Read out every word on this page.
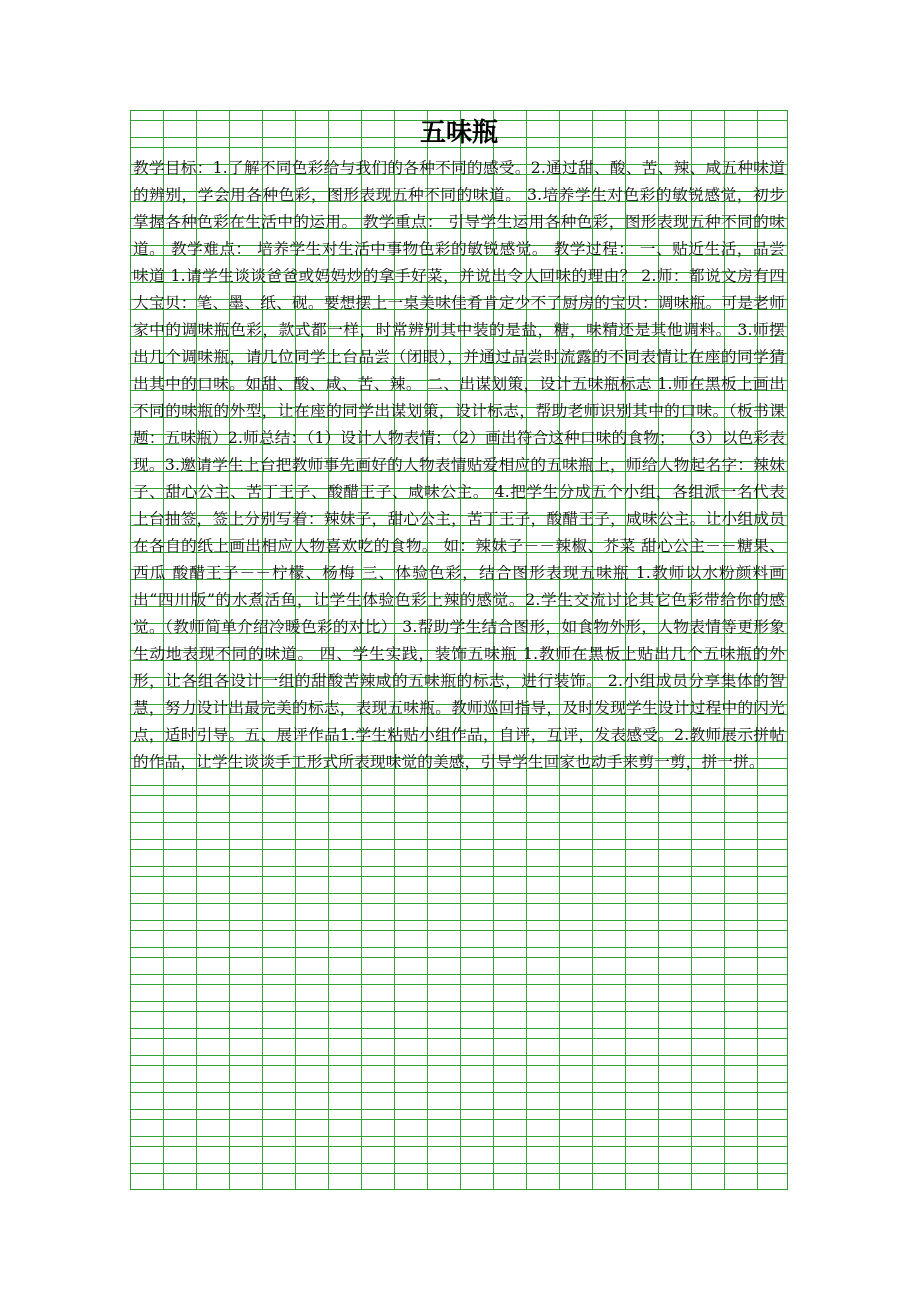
五味瓶

教学目标：1.了解不同色彩给与我们的各种不同的感受。2.通过甜、酸、苦、辣、咸五种味道的辨别，学会用各种色彩，图形表现五种不同的味道。 3.培养学生对色彩的敏锐感觉，初步掌握各种色彩在生活中的运用。 教学重点： 引导学生运用各种色彩，图形表现五种不同的味道。 教学难点： 培养学生对生活中事物色彩的敏锐感觉。 教学过程： 一、贴近生活，品尝味道 1.请学生谈谈爸爸或妈妈炒的拿手好菜，并说出令人回味的理由？ 2.师：都说文房有四大宝贝：笔、墨、纸、砚。要想摆上一桌美味佳肴肯定少不了厨房的宝贝：调味瓶。可是老师家中的调味瓶色彩，款式都一样，时常辨别其中装的是盐，糖，味精还是其他调料。 3.师摆出几个调味瓶，请几位同学上台品尝（闭眼），并通过品尝时流露的不同表情让在座的同学猜出其中的口味。如甜、酸、咸、苦、辣。 二、出谋划策，设计五味瓶标志 1.师在黑板上画出不同的味瓶的外型，让在座的同学出谋划策，设计标志，帮助老师识别其中的口味。（板书课题：五味瓶）2.师总结：（1）设计人物表情；（2）画出符合这种口味的食物； （3）以色彩表现。3.邀请学生上台把教师事先画好的人物表情贴爱相应的五味瓶上，师给人物起名字：辣妹子、甜心公主、苦丁王子、酸醋王子、咸味公主。 4.把学生分成五个小组，各组派一名代表上台抽签，签上分别写着：辣妹子，甜心公主，苦丁王子，酸醋王子，咸味公主。让小组成员在各自的纸上画出相应人物喜欢吃的食物。 如：辣妹子－－辣椒、芥菜 甜心公主－－糖果、西瓜 酸醋王子－－柠檬、杨梅 三、体验色彩，结合图形表现五味瓶 1.教师以水粉颜料画出“四川版”的水煮活鱼，让学生体验色彩上辣的感觉。2.学生交流讨论其它色彩带给你的感觉。（教师简单介绍冷暖色彩的对比） 3.帮助学生结合图形，如食物外形，人物表情等更形象生动地表现不同的味道。 四、学生实践，装饰五味瓶 1.教师在黑板上贴出几个五味瓶的外形，让各组各设计一组的甜酸苦辣咸的五味瓶的标志，进行装饰。 2.小组成员分享集体的智慧，努力设计出最完美的标志，表现五味瓶。教师巡回指导，及时发现学生设计过程中的闪光点，适时引导。五、展评作品1.学生粘贴小组作品，自评，互评，发表感受。2.教师展示拼帖的作品，让学生谈谈手工形式所表现味觉的美感，引导学生回家也动手来剪一剪，拼一拼。
